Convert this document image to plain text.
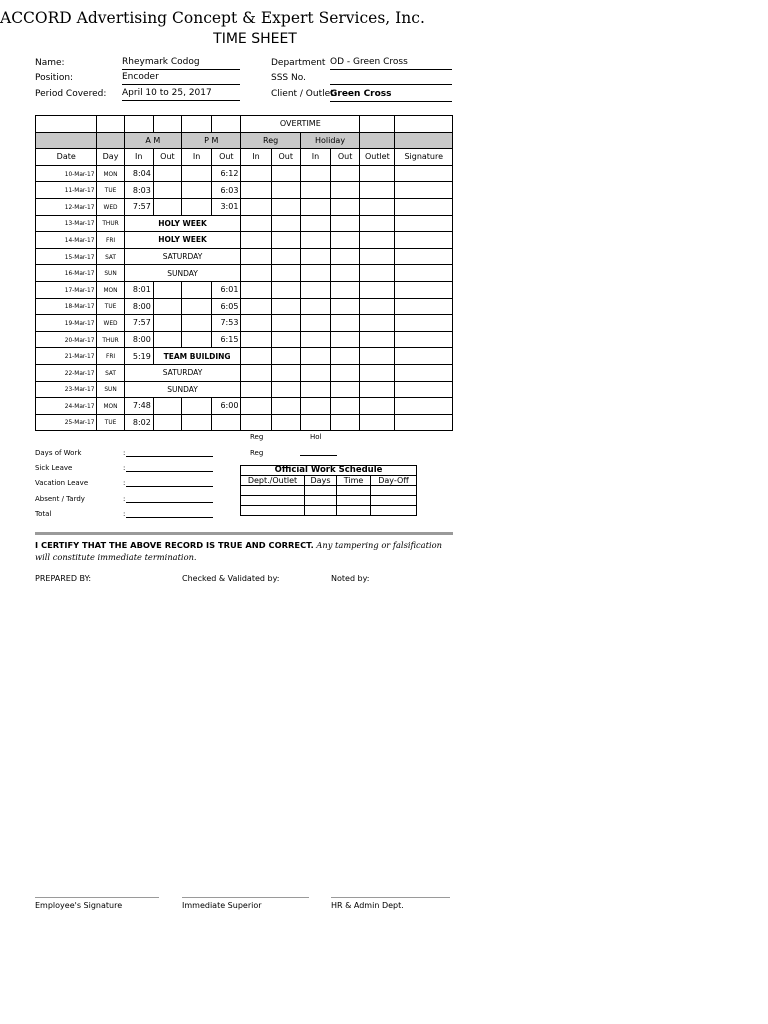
ACCORD Advertising Concept & Expert Services, Inc.
TIME SHEET
Name:	Rheymark Codog
Position:	Encoder
Period Covered: April 10 to 25, 2017
Department OD - Green Cross
SSS No.
Client / Outlet:
Green Cross
						OVERTIME					
		A M		P M		Reg		Holiday			
Date	Day	In	Out	In	Out	In	Out	In	Out	Outlet	Signature
10-Mar-17	MON	8:04			6:12						
11-Mar-17	TUE	8:03			6:03						
12-Mar-17	WED	7:57			3:01						
13-Mar-17	THUR	HOLY WEEK									
14-Mar-17	FRI	HOLY WEEK									
15-Mar-17	SAT	SATURDAY									
16-Mar-17	SUN	SUNDAY									
17-Mar-17	MON	8:01			6:01						
18-Mar-17	TUE	8:00			6:05						
19-Mar-17	WED	7:57			7:53						
20-Mar-17	THUR	8:00			6:15						
21-Mar-17	FRI	5:19	TEAM BUILDING								
22-Mar-17	SAT	SATURDAY									
23-Mar-17	SUN	SUNDAY									
24-Mar-17	MON	7:48			6:00						
25-Mar-17	TUE	8:02									
Reg	Hol
Reg
Days of Work	:
Sick Leave	:
Vacation Leave	:
Absent / Tardy	:
Total	:
Official Work Schedule			
Dept./Outlet	Days	Time	Day-Off

I CERTIFY THAT THE ABOVE RECORD IS TRUE AND CORRECT. Any tampering or falsification will constitute immediate termination.
PREPARED BY:	Checked & Validated by:	Noted by:
Employee's Signature	Immediate Superior	HR & Admin Dept.
